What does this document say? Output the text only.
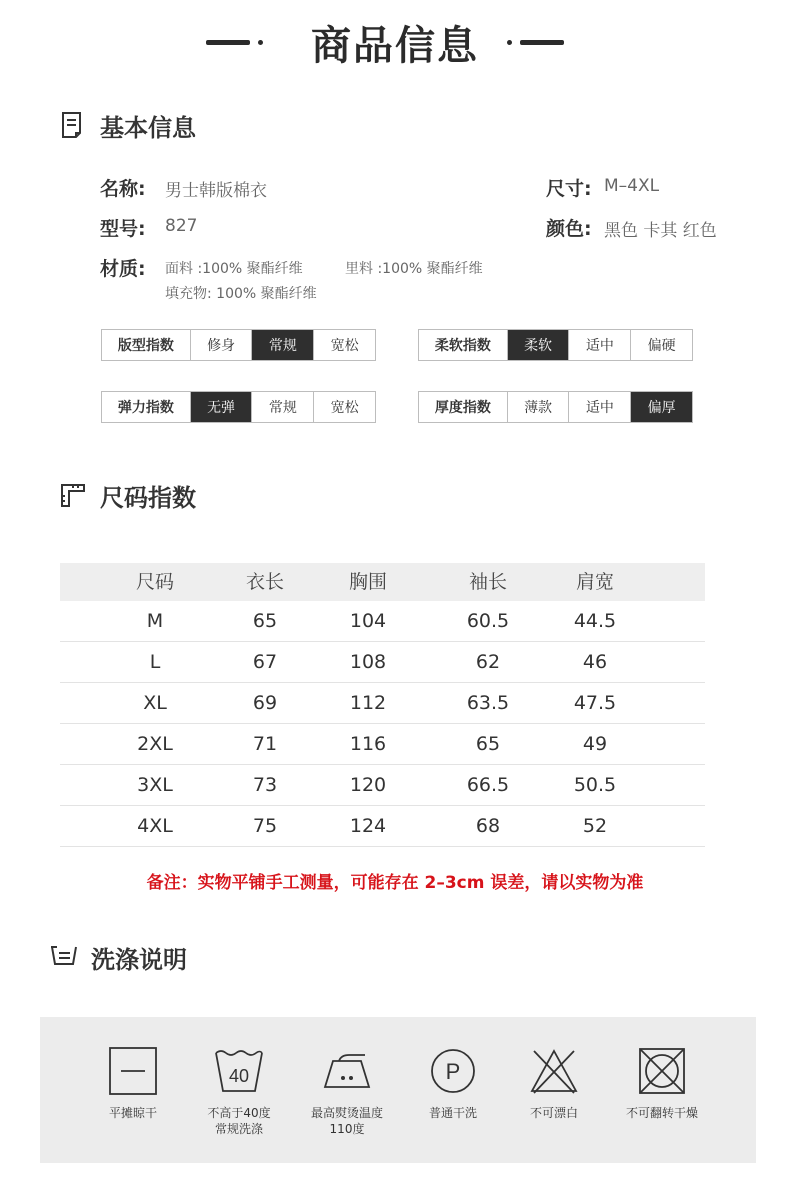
商品信息
基本信息
名称: 男士韩版棉衣	尺寸: M–4XL
型号: 827	颜色: 黑色 卡其 红色
材质: 面料 :100% 聚酯纤维	里料 :100% 聚酯纤维
填充物: 100% 聚酯纤维
版型指数	修身	常规	宽松	柔软指数	柔软	适中	偏硬
弹力指数	无弹	常规	宽松	厚度指数	薄款	适中	偏厚
尺码指数
尺码	衣长	胸围	袖长	肩宽
M	65	104	60.5	44.5
L	67	108	62	46
XL	69	112	63.5	47.5
2XL	71	116	65	49
3XL	73	120	66.5	50.5
4XL	75	124	68	52
备注：实物平铺手工测量，可能存在 2–3cm 误差，请以实物为准
洗涤说明
平摊晾干
40
不高于40度
常规洗涤
最高熨烫温度
110度
P
普通干洗	不可漂白	不可翻转干燥
